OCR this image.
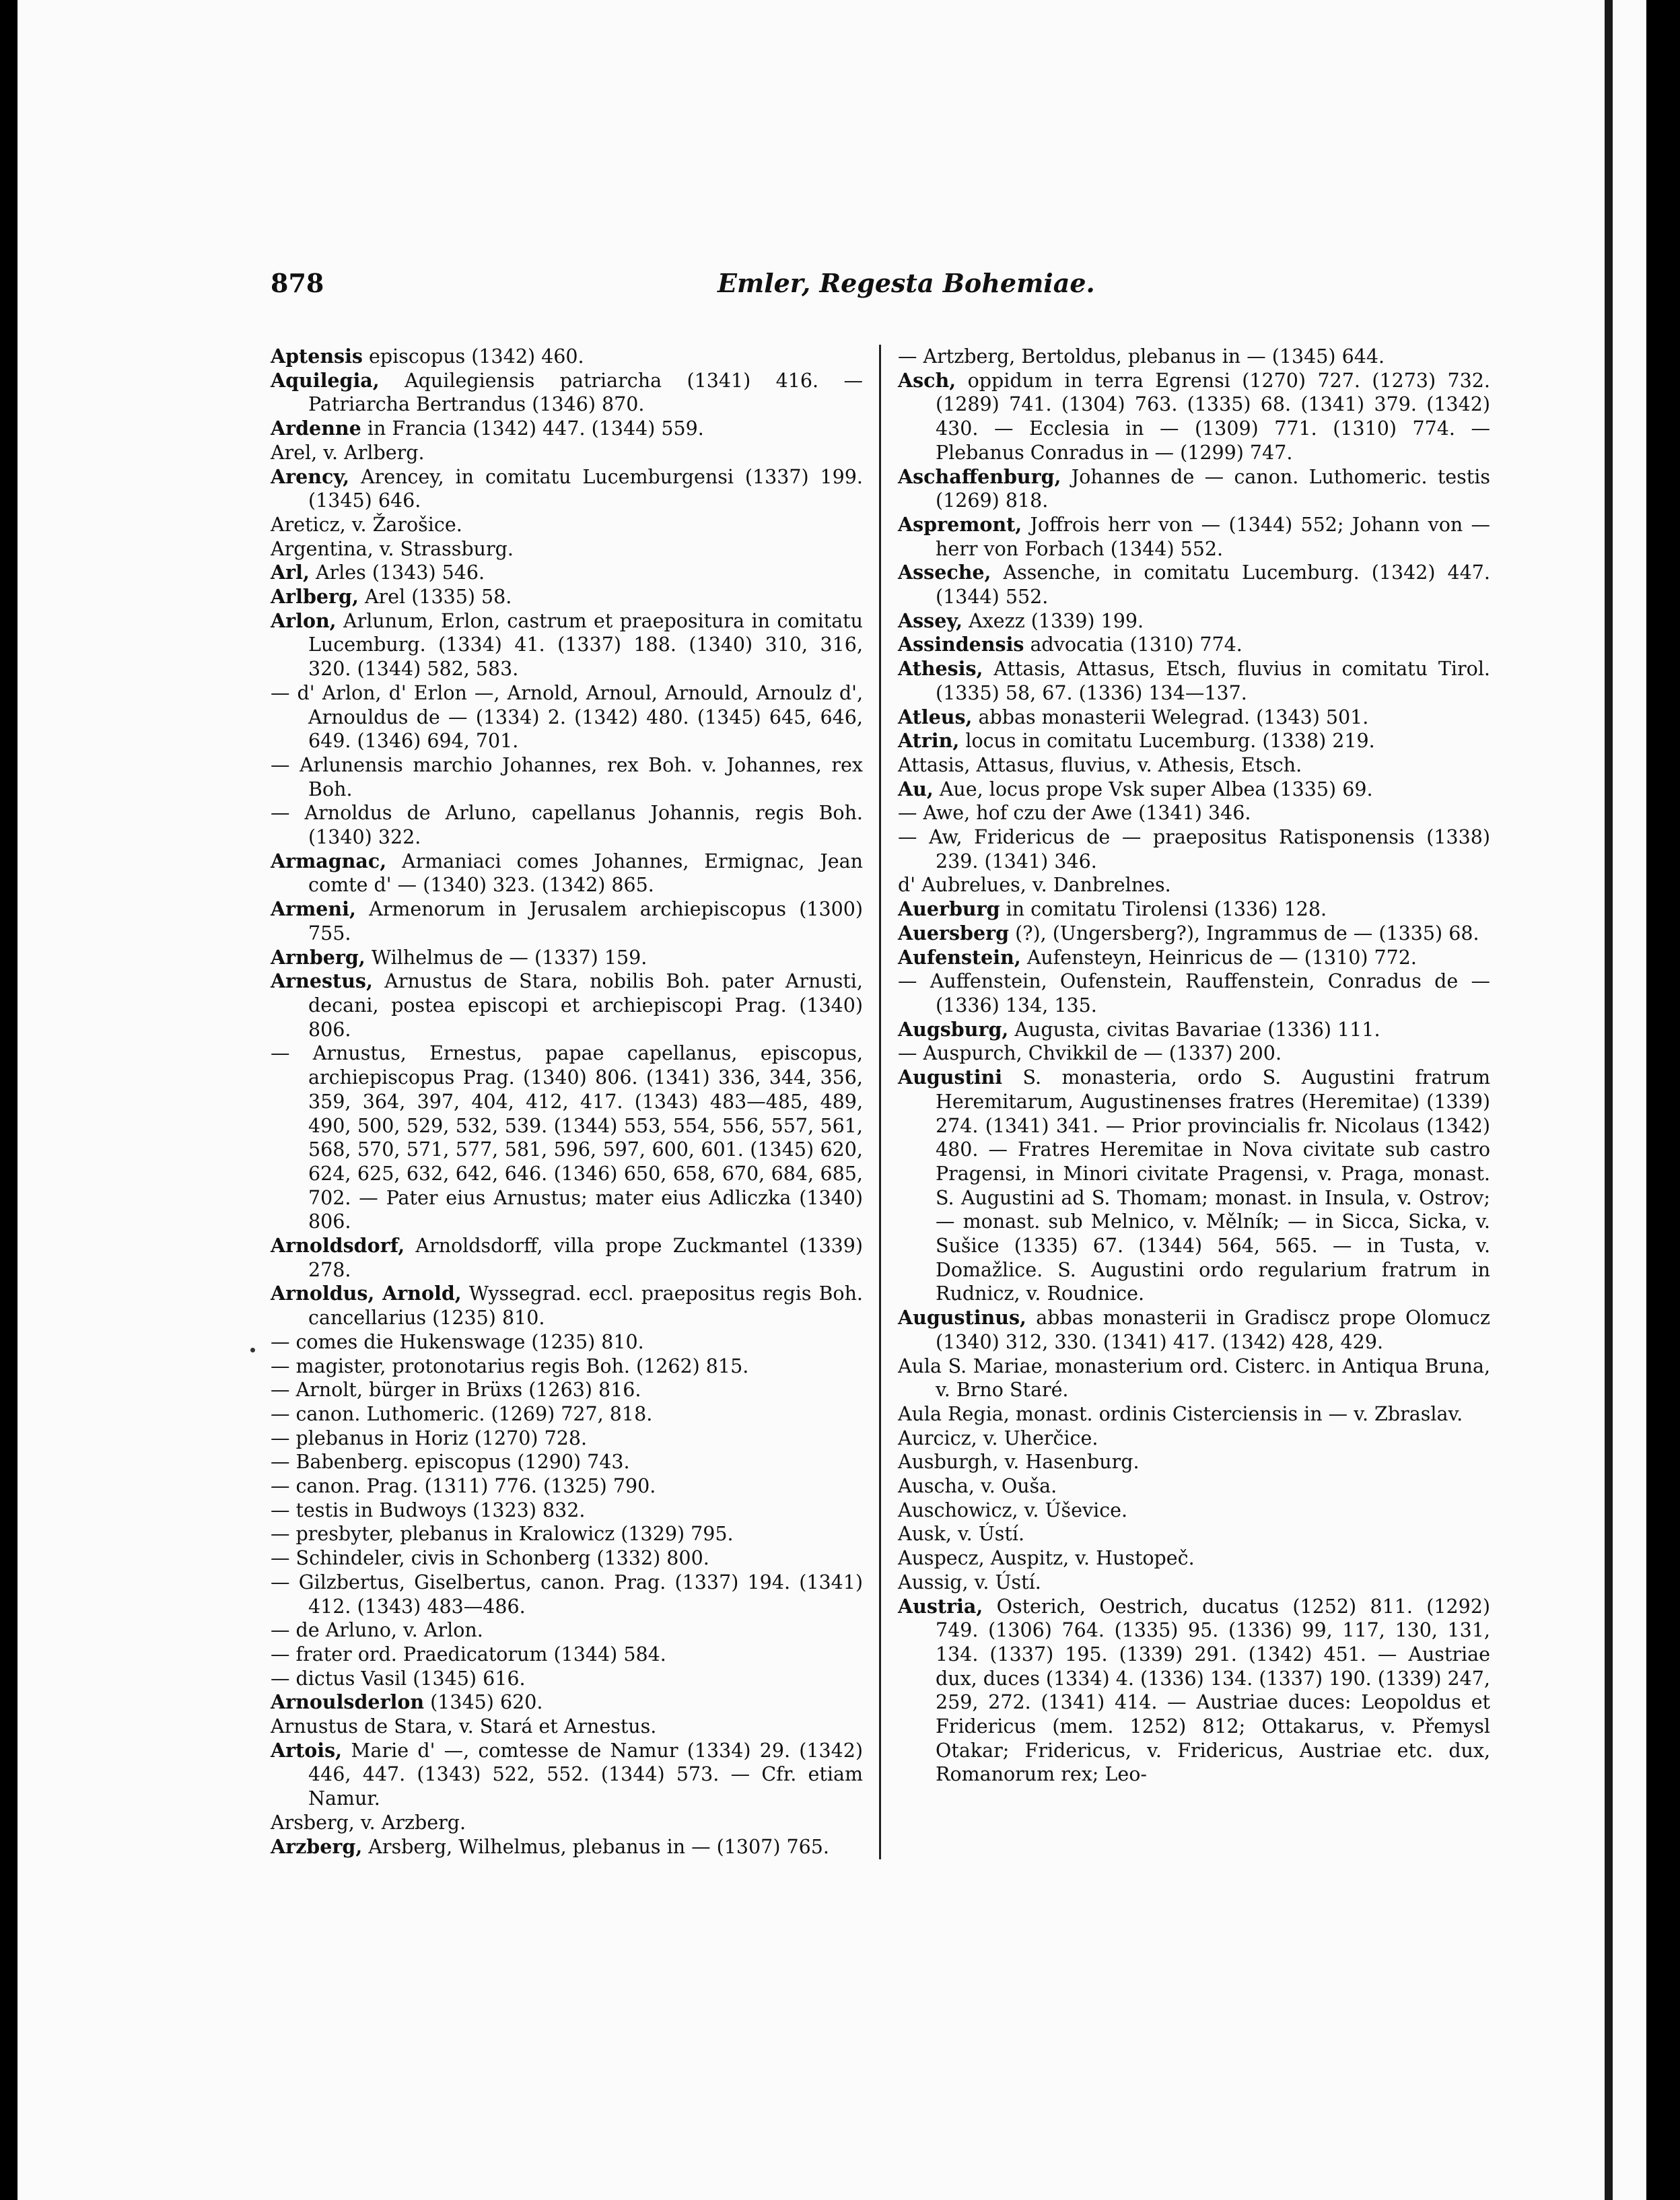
878	Emler, Regesta Bohemiae.

Aptensis episcopus (1342) 460.

Aquilegia, Aquilegiensis patriarcha (1341) 416. — Patriarcha Bertrandus (1346) 870.

Ardenne in Francia (1342) 447. (1344) 559.

Arel, v. Arlberg.

Arency, Arencey, in comitatu Lucemburgensi (1337) 199. (1345) 646.

Areticz, v. Žarošice.

Argentina, v. Strassburg.

Arl, Arles (1343) 546.

Arlberg, Arel (1335) 58.

Arlon, Arlunum, Erlon, castrum et praepositura in comitatu Lucemburg. (1334) 41. (1337) 188. (1340) 310, 316, 320. (1344) 582, 583.

— d' Arlon, d' Erlon —, Arnold, Arnoul, Arnould, Arnoulz d', Arnouldus de — (1334) 2. (1342) 480. (1345) 645, 646, 649. (1346) 694, 701.

— Arlunensis marchio Johannes, rex Boh. v. Johannes, rex Boh.

— Arnoldus de Arluno, capellanus Johannis, regis Boh. (1340) 322.

Armagnac, Armaniaci comes Johannes, Ermignac, Jean comte d' — (1340) 323. (1342) 865.

Armeni, Armenorum in Jerusalem archiepiscopus (1300) 755.

Arnberg, Wilhelmus de — (1337) 159.

Arnestus, Arnustus de Stara, nobilis Boh. pater Arnusti, decani, postea episcopi et archiepiscopi Prag. (1340) 806.

— Arnustus, Ernestus, papae capellanus, episcopus, archiepiscopus Prag. (1340) 806. (1341) 336, 344, 356, 359, 364, 397, 404, 412, 417. (1343) 483—485, 489, 490, 500, 529, 532, 539. (1344) 553, 554, 556, 557, 561, 568, 570, 571, 577, 581, 596, 597, 600, 601. (1345) 620, 624, 625, 632, 642, 646. (1346) 650, 658, 670, 684, 685, 702. — Pater eius Arnustus; mater eius Adliczka (1340) 806.

Arnoldsdorf, Arnoldsdorff, villa prope Zuckmantel (1339) 278.

Arnoldus, Arnold, Wyssegrad. eccl. praepositus regis Boh. cancellarius (1235) 810.

— comes die Hukenswage (1235) 810.

— magister, protonotarius regis Boh. (1262) 815.

— Arnolt, bürger in Brüxs (1263) 816.

— canon. Luthomeric. (1269) 727, 818.

— plebanus in Horiz (1270) 728.

— Babenberg. episcopus (1290) 743.

— canon. Prag. (1311) 776. (1325) 790.

— testis in Budwoys (1323) 832.

— presbyter, plebanus in Kralowicz (1329) 795.

— Schindeler, civis in Schonberg (1332) 800.

— Gilzbertus, Giselbertus, canon. Prag. (1337) 194. (1341) 412. (1343) 483—486.

— de Arluno, v. Arlon.

— frater ord. Praedicatorum (1344) 584.

— dictus Vasil (1345) 616.

Arnoulsderlon (1345) 620.

Arnustus de Stara, v. Stará et Arnestus.

Artois, Marie d' —, comtesse de Namur (1334) 29. (1342) 446, 447. (1343) 522, 552. (1344) 573. — Cfr. etiam Namur.

Arsberg, v. Arzberg.

Arzberg, Arsberg, Wilhelmus, plebanus in — (1307) 765.

— Artzberg, Bertoldus, plebanus in — (1345) 644.

Asch, oppidum in terra Egrensi (1270) 727. (1273) 732. (1289) 741. (1304) 763. (1335) 68. (1341) 379. (1342) 430. — Ecclesia in — (1309) 771. (1310) 774. — Plebanus Conradus in — (1299) 747.

Aschaffenburg, Johannes de — canon. Luthomeric. testis (1269) 818.

Aspremont, Joffrois herr von — (1344) 552; Johann von — herr von Forbach (1344) 552.

Asseche, Assenche, in comitatu Lucemburg. (1342) 447. (1344) 552.

Assey, Axezz (1339) 199.

Assindensis advocatia (1310) 774.

Athesis, Attasis, Attasus, Etsch, fluvius in comitatu Tirol. (1335) 58, 67. (1336) 134—137.

Atleus, abbas monasterii Welegrad. (1343) 501.

Atrin, locus in comitatu Lucemburg. (1338) 219.

Attasis, Attasus, fluvius, v. Athesis, Etsch.

Au, Aue, locus prope Vsk super Albea (1335) 69.

— Awe, hof czu der Awe (1341) 346.

— Aw, Fridericus de — praepositus Ratisponensis (1338) 239. (1341) 346.

d' Aubrelues, v. Danbrelnes.

Auerburg in comitatu Tirolensi (1336) 128.

Auersberg (?), (Ungersberg?), Ingrammus de — (1335) 68.

Aufenstein, Aufensteyn, Heinricus de — (1310) 772.

— Auffenstein, Oufenstein, Rauffenstein, Conradus de — (1336) 134, 135.

Augsburg, Augusta, civitas Bavariae (1336) 111.

— Auspurch, Chvikkil de — (1337) 200.

Augustini S. monasteria, ordo S. Augustini fratrum Heremitarum, Augustinenses fratres (Heremitae) (1339) 274. (1341) 341. — Prior provincialis fr. Nicolaus (1342) 480. — Fratres Heremitae in Nova civitate sub castro Pragensi, in Minori civitate Pragensi, v. Praga, monast. S. Augustini ad S. Thomam; monast. in Insula, v. Ostrov; — monast. sub Melnico, v. Mělník; — in Sicca, Sicka, v. Sušice (1335) 67. (1344) 564, 565. — in Tusta, v. Domažlice. S. Augustini ordo regularium fratrum in Rudnicz, v. Roudnice.

Augustinus, abbas monasterii in Gradiscz prope Olomucz (1340) 312, 330. (1341) 417. (1342) 428, 429.

Aula S. Mariae, monasterium ord. Cisterc. in Antiqua Bruna, v. Brno Staré.

Aula Regia, monast. ordinis Cisterciensis in — v. Zbraslav.

Aurcicz, v. Uherčice.

Ausburgh, v. Hasenburg.

Auscha, v. Ouša.

Auschowicz, v. Úševice.

Ausk, v. Ústí.

Auspecz, Auspitz, v. Hustopeč.

Aussig, v. Ústí.

Austria, Osterich, Oestrich, ducatus (1252) 811. (1292) 749. (1306) 764. (1335) 95. (1336) 99, 117, 130, 131, 134. (1337) 195. (1339) 291. (1342) 451. — Austriae dux, duces (1334) 4. (1336) 134. (1337) 190. (1339) 247, 259, 272. (1341) 414. — Austriae duces: Leopoldus et Fridericus (mem. 1252) 812; Ottakarus, v. Přemysl Otakar; Fridericus, v. Fridericus, Austriae etc. dux, Romanorum rex; Leo-
